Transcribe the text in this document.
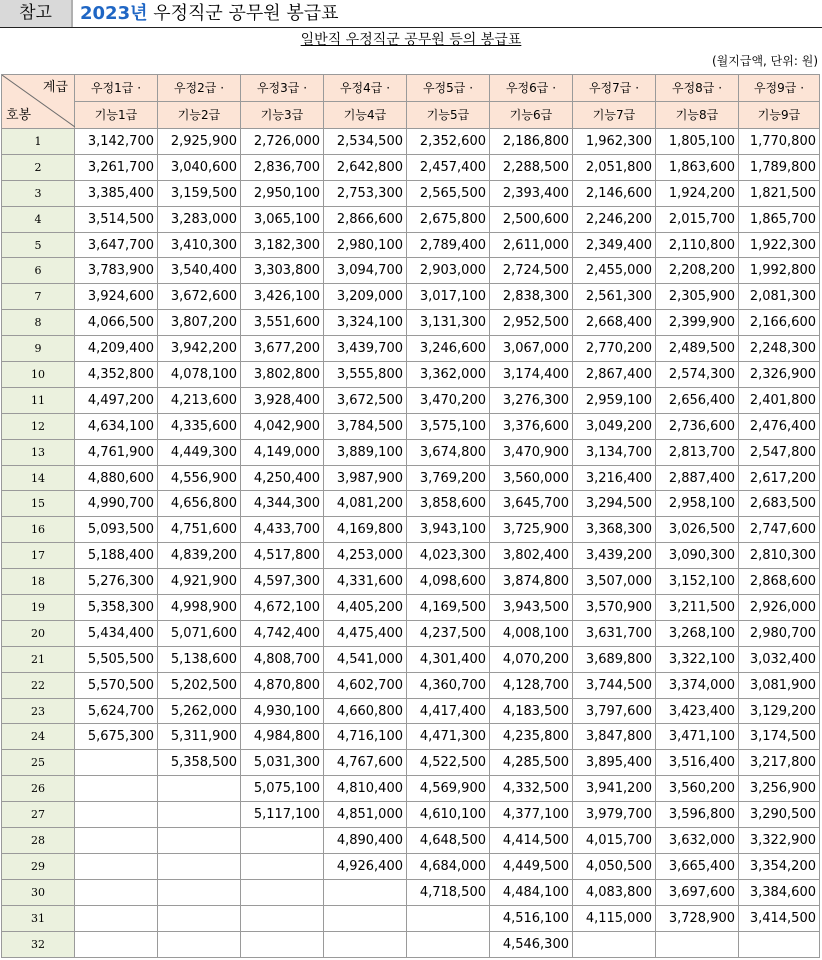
참고	2023년 우정직군 공무원 봉급표
일반직 우정직군 공무원 등의 봉급표
(월지급액, 단위: 원)
계급
호봉	우정1급 ·	우정2급 ·	우정3급 ·	우정4급 ·	우정5급 ·	우정6급 ·	우정7급 ·	우정8급 ·	우정9급 ·
	기능1급	기능2급	기능3급	기능4급	기능5급	기능6급	기능7급	기능8급	기능9급
1	3,142,700	2,925,900	2,726,000	2,534,500	2,352,600	2,186,800	1,962,300	1,805,100	1,770,800
2	3,261,700	3,040,600	2,836,700	2,642,800	2,457,400	2,288,500	2,051,800	1,863,600	1,789,800
3	3,385,400	3,159,500	2,950,100	2,753,300	2,565,500	2,393,400	2,146,600	1,924,200	1,821,500
4	3,514,500	3,283,000	3,065,100	2,866,600	2,675,800	2,500,600	2,246,200	2,015,700	1,865,700
5	3,647,700	3,410,300	3,182,300	2,980,100	2,789,400	2,611,000	2,349,400	2,110,800	1,922,300
6	3,783,900	3,540,400	3,303,800	3,094,700	2,903,000	2,724,500	2,455,000	2,208,200	1,992,800
7	3,924,600	3,672,600	3,426,100	3,209,000	3,017,100	2,838,300	2,561,300	2,305,900	2,081,300
8	4,066,500	3,807,200	3,551,600	3,324,100	3,131,300	2,952,500	2,668,400	2,399,900	2,166,600
9	4,209,400	3,942,200	3,677,200	3,439,700	3,246,600	3,067,000	2,770,200	2,489,500	2,248,300
10	4,352,800	4,078,100	3,802,800	3,555,800	3,362,000	3,174,400	2,867,400	2,574,300	2,326,900
11	4,497,200	4,213,600	3,928,400	3,672,500	3,470,200	3,276,300	2,959,100	2,656,400	2,401,800
12	4,634,100	4,335,600	4,042,900	3,784,500	3,575,100	3,376,600	3,049,200	2,736,600	2,476,400
13	4,761,900	4,449,300	4,149,000	3,889,100	3,674,800	3,470,900	3,134,700	2,813,700	2,547,800
14	4,880,600	4,556,900	4,250,400	3,987,900	3,769,200	3,560,000	3,216,400	2,887,400	2,617,200
15	4,990,700	4,656,800	4,344,300	4,081,200	3,858,600	3,645,700	3,294,500	2,958,100	2,683,500
16	5,093,500	4,751,600	4,433,700	4,169,800	3,943,100	3,725,900	3,368,300	3,026,500	2,747,600
17	5,188,400	4,839,200	4,517,800	4,253,000	4,023,300	3,802,400	3,439,200	3,090,300	2,810,300
18	5,276,300	4,921,900	4,597,300	4,331,600	4,098,600	3,874,800	3,507,000	3,152,100	2,868,600
19	5,358,300	4,998,900	4,672,100	4,405,200	4,169,500	3,943,500	3,570,900	3,211,500	2,926,000
20	5,434,400	5,071,600	4,742,400	4,475,400	4,237,500	4,008,100	3,631,700	3,268,100	2,980,700
21	5,505,500	5,138,600	4,808,700	4,541,000	4,301,400	4,070,200	3,689,800	3,322,100	3,032,400
22	5,570,500	5,202,500	4,870,800	4,602,700	4,360,700	4,128,700	3,744,500	3,374,000	3,081,900
23	5,624,700	5,262,000	4,930,100	4,660,800	4,417,400	4,183,500	3,797,600	3,423,400	3,129,200
24	5,675,300	5,311,900	4,984,800	4,716,100	4,471,300	4,235,800	3,847,800	3,471,100	3,174,500
25		5,358,500	5,031,300	4,767,600	4,522,500	4,285,500	3,895,400	3,516,400	3,217,800
26			5,075,100	4,810,400	4,569,900	4,332,500	3,941,200	3,560,200	3,256,900
27			5,117,100	4,851,000	4,610,100	4,377,100	3,979,700	3,596,800	3,290,500
28				4,890,400	4,648,500	4,414,500	4,015,700	3,632,000	3,322,900
29				4,926,400	4,684,000	4,449,500	4,050,500	3,665,400	3,354,200
30					4,718,500	4,484,100	4,083,800	3,697,600	3,384,600
31						4,516,100	4,115,000	3,728,900	3,414,500
32						4,546,300			
